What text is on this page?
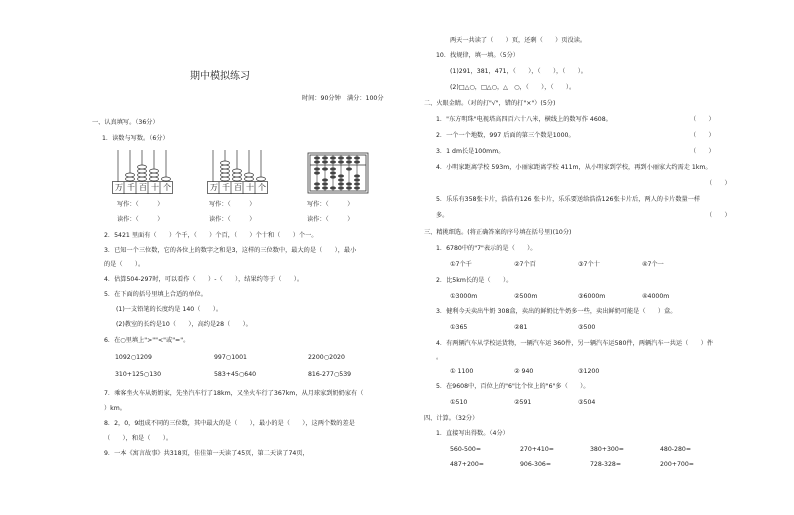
期中模拟练习
时间：90分钟　满分：100分
一、认真填写。（36分）
1．读数与写数。（6分）
万 千 百 十 个	万 千 百 十 个
写作：（　　　）	写作：（　　　）	写作：（　　　）
读作：（　　　）	读作：（　　　）	读作：（　　　）
2．5421 里面有（　　）个千，（　　）个百，（　　）个十和（　　）个一。
3．已知一个三位数，它的各位上的数字之和是3，这样的三位数中，最大的是（　　），最小
的是（　　）。
4．估算504-297时，可以看作（　　）-（　　），结果约等于（　　）。
5．在下面的括号里填上合适的单位。
(1)一支铅笔的长度约是 140（　　）。
(2)教室的长约是10（　　），高约是28（　　）。
6．在○里填上">""<"或"="。
1092○1209	997○1001	2200○2020
310+125○130	583+45○640	816-277○539
7．乘客坐火车从奶奶家，先坐汽车行了18km，又坐火车行了367km，从月球家到奶奶家有（
）km。
8．2，0，9组成不同的三位数，其中最大的是（　　），最小的是（　　），这两个数的差是
（　　），和是（　　）。
9．一本《寓言故事》共318页，佳佳第一天读了45页，第二天读了74页，
两天一共读了（　　）页，还剩（　　）页没读。
10．找规律，填一填。（5分）
(1)291，381，471，（　　），（　　），（　　）。
(2)□△○，□△○，△　○，（　　），（　　）。
二、火眼金睛。（对的打"√"，错的打"×"）(5分)
1．"东方明珠"电视塔高四百六十八米，横线上的数写作 4608。	（　　）
2．一个一个地数，997 后面的第三个数是1000。	（　　）
3．1 dm长是100mm。	（　　）
4．小明家距离学校 593m，小丽家距离学校 411m，从小明家到学校，再到小丽家大约需走 1km。
（　　）
5．乐乐有358张卡片，浩浩有126 张卡片，乐乐要送给浩浩126张卡片后，两人的卡片数量一样
多。	（　　）
三、精挑细选。(将正确答案的序号填在括号里)(10分)
1．6780中的"7"表示的是（　　）。
①7个千	②7个百	③7个十	④7个一
2．比5km长的是（　　）。
①3000m	②500m	③6000m	④4000m
3．健利今天卖出牛奶 308盒，卖出的鲜奶比牛奶多一些，卖出鲜奶可能是（　　）盒。
①365	②81	③500
4．有两辆汽车从学校运货物，一辆汽车运 360件，另一辆汽车运580件，两辆汽车一共运（　　）件
。
① 1100	② 940	③1200
5．在9608中，百位上的"6"比个位上的"6"多（　　）。
①510	②591	③504
四、计算。（32分）
1．直接写出得数。（4分）
560-500=	270+410=	380+300=	480-280=
487+200=	906-306=	728-328=	200+700=
